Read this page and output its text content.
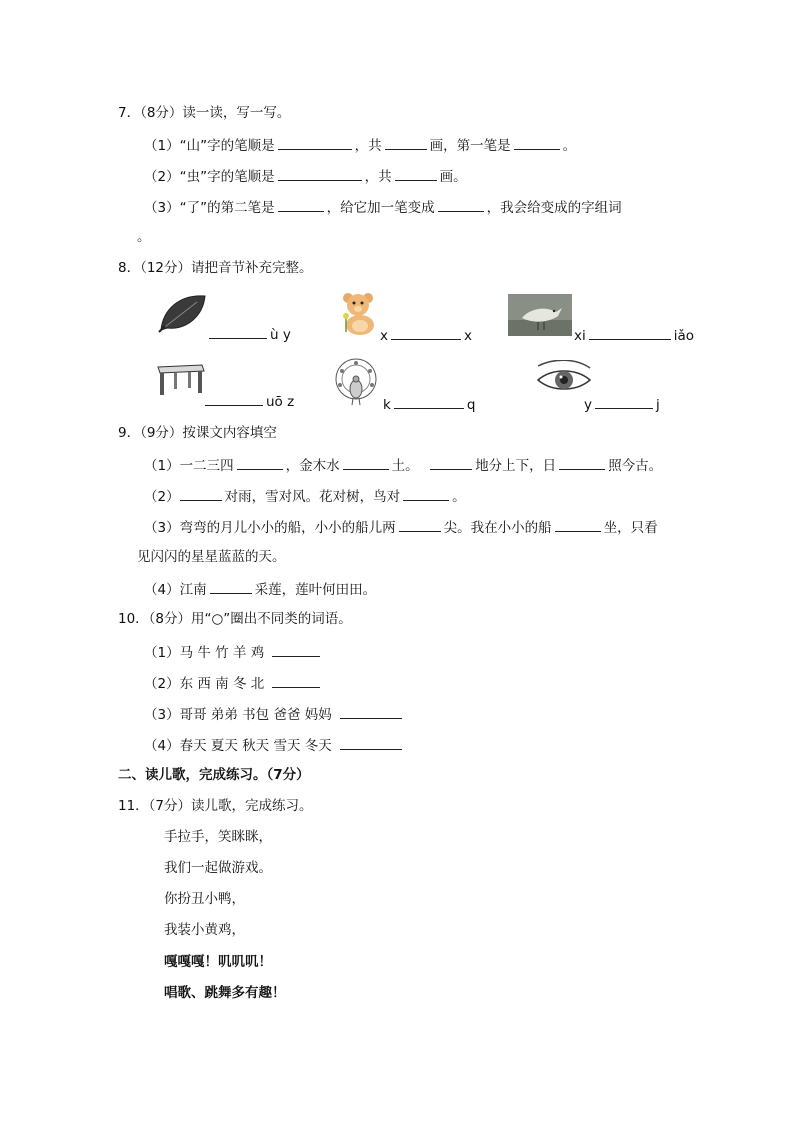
7．（8分）读一读，写一写。
（1）“山”字的笔顺是	，共	画，第一笔是	。
（2）“虫”字的笔顺是	，共	画。
（3）“了”的第二笔是	，给它加一笔变成	，我会给变成的字组词
。
8．（12分）请把音节补充完整。
ù y	x	x	xi	iǎo
uō z	k	q	y	j
9．（9分）按课文内容填空
（1）一二三四	，金木水	土。	地分上下，日	照今古。
（2）	对雨，雪对风。花对树，鸟对	。
（3）弯弯的月儿小小的船，小小的船儿两	尖。我在小小的船	坐，只看
见闪闪的星星蓝蓝的天。
（4）江南	采莲，莲叶何田田。
10．（8分）用“○”圈出不同类的词语。
（1）马 牛 竹 羊 鸡
（2）东 西 南 冬 北
（3）哥哥 弟弟 书包 爸爸 妈妈
（4）春天 夏天 秋天 雪天 冬天
二、读儿歌，完成练习。（7分）
11．（7分）读儿歌，完成练习。
手拉手，笑眯眯，
我们一起做游戏。
你扮丑小鸭，
我装小黄鸡，
嘎嘎嘎！叽叽叽！
唱歌、跳舞多有趣！
